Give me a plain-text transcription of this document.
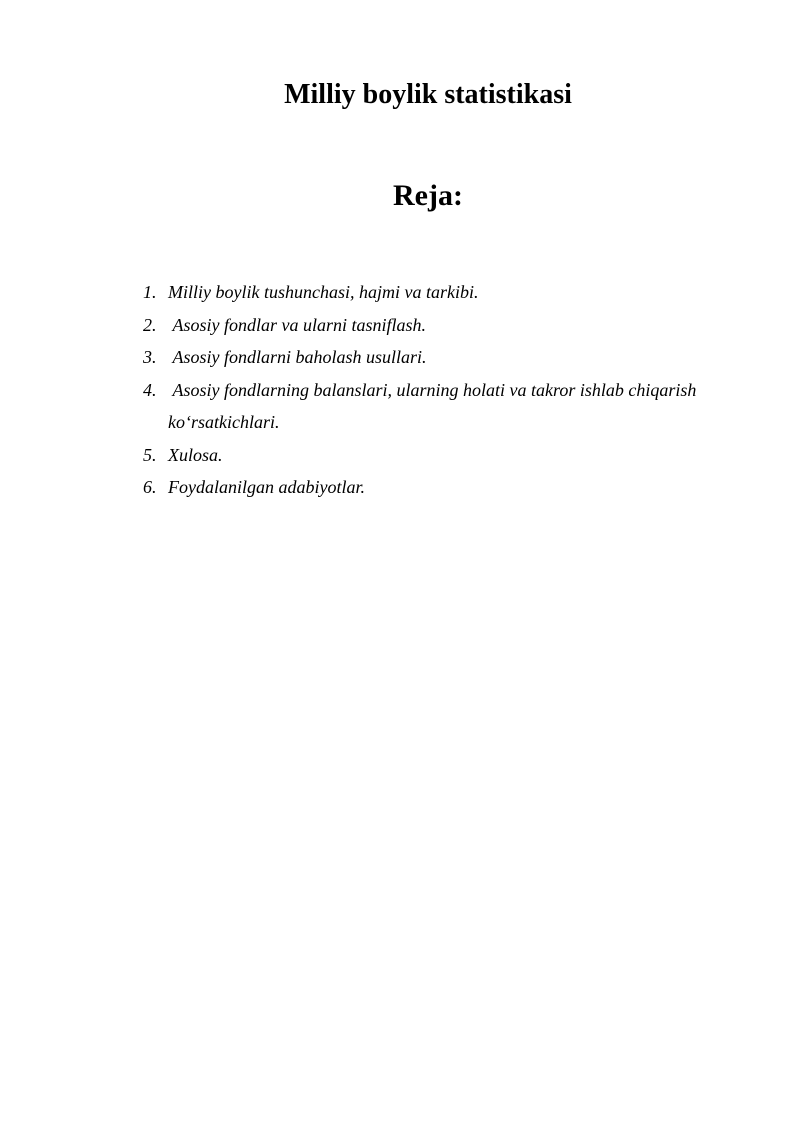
Milliy boylik statistikasi
Reja:
1. Milliy boylik tushunchasi, hajmi va tarkibi.
2. Asosiy fondlar va ularni tasniflash.
3. Asosiy fondlarni baholash usullari.
4. Asosiy fondlarning balanslari, ularning holati va takror ishlab chiqarish ko‘rsatkichlari.
5. Xulosa.
6. Foydalanilgan adabiyotlar.
